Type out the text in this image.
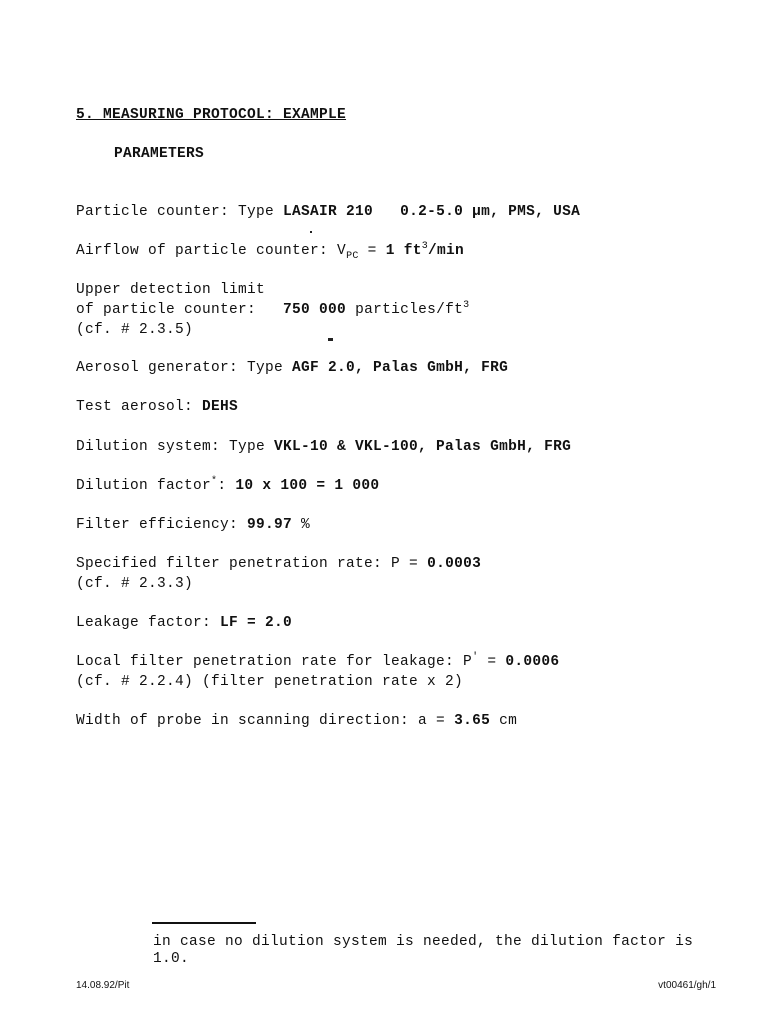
5. MEASURING PROTOCOL: EXAMPLE
PARAMETERS
Particle counter: Type LASAIR 210 0.2-5.0 µm, PMS, USA
Airflow of particle counter: $V_{PC} = 1$ $ft^3/\min$
Upper detection limit
of particle counter: 750 000 particles/$ft^3$
(cf. # 2.3.5)
Aerosol generator: Type AGF 2.0, Palas GmbH, FRG
Test aerosol: DEHS
Dilution system: Type VKL-10 & VKL-100, Palas GmbH, FRG
Dilution factor*: 10 x 100 = 1 000
Filter efficiency: 99.97 %
Specified filter penetration rate: P = 0.0003
(cf. # 2.3.3)
Leakage factor: LF = 2.0
Local filter penetration rate for leakage: P' = 0.0006
(cf. # 2.2.4) (filter penetration rate x 2)
Width of probe in scanning direction: a = 3.65 cm
in case no dilution system is needed, the dilution factor is
1.0.
14.08.92/Pit	vt00461/gh/1
